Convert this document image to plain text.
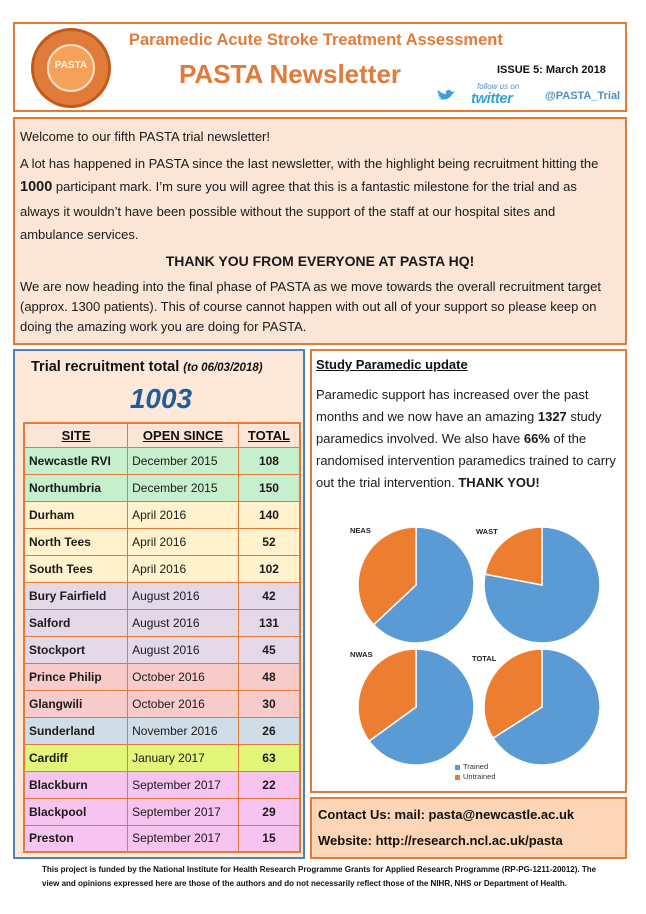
PASTA
Paramedic Acute Stroke Treatment Assessment
PASTA Newsletter	ISSUE 5: March 2018
follow us on
twitter	@PASTA_Trial

Welcome to our fifth PASTA trial newsletter!

A lot has happened in PASTA since the last newsletter, with the highlight being recruitment hitting the 1000 participant mark. I’m sure you will agree that this is a fantastic milestone for the trial and as always it wouldn’t have been possible without the support of the staff at our hospital sites and ambulance services.

THANK YOU FROM EVERYONE AT PASTA HQ!

We are now heading into the final phase of PASTA as we move towards the overall recruitment target (approx. 1300 patients). This of course cannot happen with out all of your support so please keep on doing the amazing work you are doing for PASTA.

Trial recruitment total (to 06/03/2018)
1003
SITE	OPEN SINCE	TOTAL
Newcastle RVI	December 2015	108
Northumbria	December 2015	150
Durham	April 2016	140
North Tees	April 2016	52
South Tees	April 2016	102
Bury Fairfield	August 2016	42
Salford	August 2016	131
Stockport	August 2016	45
Prince Philip	October 2016	48
Glangwili	October 2016	30
Sunderland	November 2016	26
Cardiff	January 2017	63
Blackburn	September 2017	22
Blackpool	September 2017	29
Preston	September 2017	15
Study Paramedic update
Paramedic support has increased over the past months and we now have an amazing 1327 study paramedics involved. We also have 66% of the randomised intervention paramedics trained to carry out the trial intervention. THANK YOU!
NEAS	WAST
NWAS	TOTAL
Trained
Untrained
Contact Us: mail: pasta@newcastle.ac.uk
Website: http://research.ncl.ac.uk/pasta
This project is funded by the National Institute for Health Research Programme Grants for Applied Research Programme (RP-PG-1211-20012). The view and opinions expressed here are those of the authors and do not necessarily reflect those of the NIHR, NHS or Department of Health.
